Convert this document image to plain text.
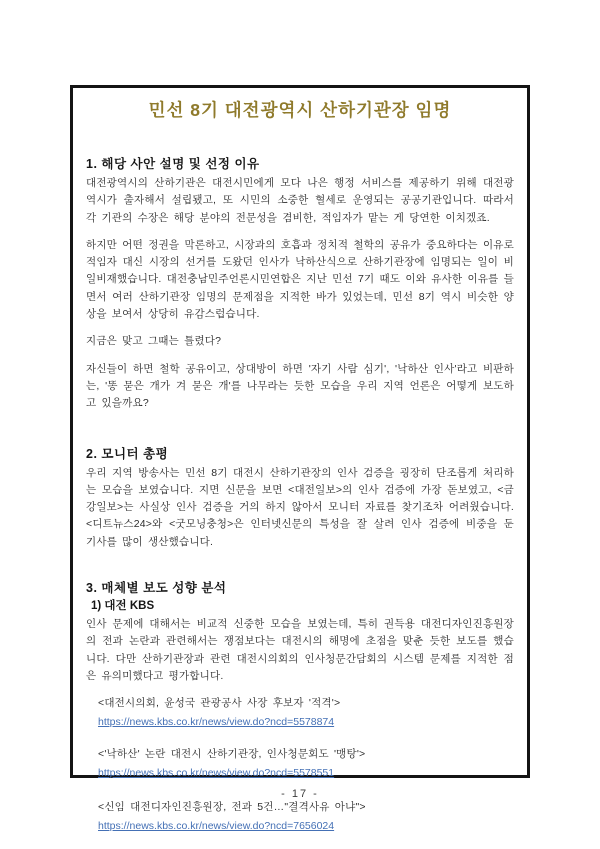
민선 8기 대전광역시 산하기관장 임명
1. 해당 사안 설명 및 선정 이유

대전광역시의 산하기관은 대전시민에게 모다 나은 행정 서비스를 제공하기 위해 대전광역시가 출자해서 설립됐고, 또 시민의 소중한 혈세로 운영되는 공공기관입니다. 따라서 각 기관의 수장은 해당 분야의 전문성을 겸비한, 적임자가 맡는 게 당연한 이치겠죠.

하지만 어떤 정권을 막론하고, 시장과의 호흡과 정치적 철학의 공유가 중요하다는 이유로 적임자 대신 시장의 선거를 도왔던 인사가 낙하산식으로 산하기관장에 임명되는 일이 비일비재했습니다. 대전충남민주언론시민연합은 지난 민선 7기 때도 이와 유사한 이유를 들면서 여러 산하기관장 임명의 문제점을 지적한 바가 있었는데, 민선 8기 역시 비슷한 양상을 보여서 상당히 유감스럽습니다.

지금은 맞고 그때는 틀렸다?

자신들이 하면 철학 공유이고, 상대방이 하면 '자기 사람 심기', '낙하산 인사'라고 비판하는, '똥 묻은 개가 겨 묻은 개'를 나무라는 듯한 모습을 우리 지역 언론은 어떻게 보도하고 있을까요?

2. 모니터 총평

우리 지역 방송사는 민선 8기 대전시 산하기관장의 인사 검증을 굉장히 단조롭게 처리하는 모습을 보였습니다. 지면 신문을 보면 <대전일보>의 인사 검증에 가장 돋보였고, <금강일보>는 사실상 인사 검증을 거의 하지 않아서 모니터 자료를 찾기조차 어려웠습니다. <디트뉴스24>와 <굿모닝충청>은 인터넷신문의 특성을 잘 살려 인사 검증에 비중을 둔 기사를 많이 생산했습니다.

3. 매체별 보도 성향 분석
1) 대전 KBS

인사 문제에 대해서는 비교적 신중한 모습을 보였는데, 특히 권득용 대전디자인진흥원장의 전과 논란과 관련해서는 쟁점보다는 대전시의 해명에 초점을 맞춘 듯한 보도를 했습니다. 다만 산하기관장과 관련 대전시의회의 인사청문간담회의 시스템 문제를 지적한 점은 유의미했다고 평가합니다.

<대전시의회, 윤성국 관광공사 사장 후보자 '적격'>
https://news.kbs.co.kr/news/view.do?ncd=5578874
<'낙하산' 논란 대전시 산하기관장, 인사청문회도 '맹탕'>
https://news.kbs.co.kr/news/view.do?ncd=5578551
<신임 대전디자인진흥원장, 전과 5건…"결격사유 아냐">
https://news.kbs.co.kr/news/view.do?ncd=7656024
- 17 -
